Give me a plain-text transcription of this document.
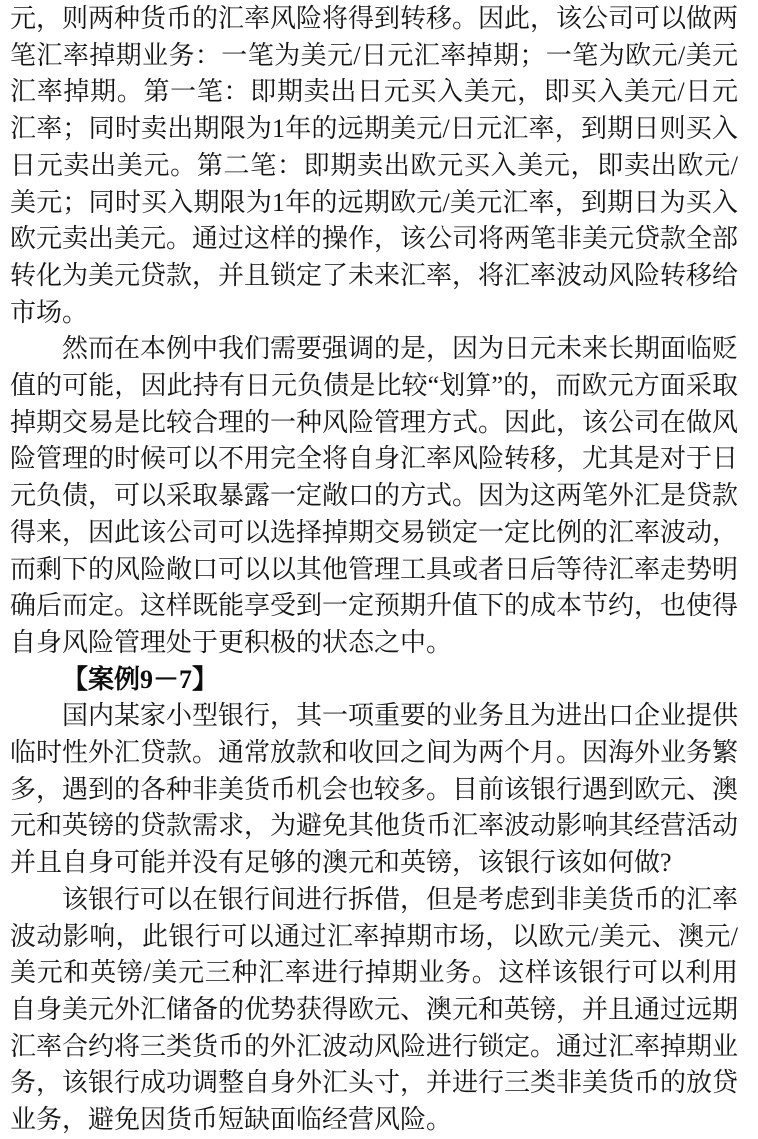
元，则两种货币的汇率风险将得到转移。因此，该公司可以做两笔汇率掉期业务：一笔为美元/日元汇率掉期；一笔为欧元/美元汇率掉期。第一笔：即期卖出日元买入美元，即买入美元/日元汇率；同时卖出期限为1年的远期美元/日元汇率，到期日则买入日元卖出美元。第二笔：即期卖出欧元买入美元，即卖出欧元/美元；同时买入期限为1年的远期欧元/美元汇率，到期日为买入欧元卖出美元。通过这样的操作，该公司将两笔非美元贷款全部转化为美元贷款，并且锁定了未来汇率，将汇率波动风险转移给市场。

然而在本例中我们需要强调的是，因为日元未来长期面临贬值的可能，因此持有日元负债是比较“划算”的，而欧元方面采取掉期交易是比较合理的一种风险管理方式。因此，该公司在做风险管理的时候可以不用完全将自身汇率风险转移，尤其是对于日元负债，可以采取暴露一定敞口的方式。因为这两笔外汇是贷款得来，因此该公司可以选择掉期交易锁定一定比例的汇率波动，而剩下的风险敞口可以以其他管理工具或者日后等待汇率走势明确后而定。这样既能享受到一定预期升值下的成本节约，也使得自身风险管理处于更积极的状态之中。

【案例9－7】

国内某家小型银行，其一项重要的业务且为进出口企业提供临时性外汇贷款。通常放款和收回之间为两个月。因海外业务繁多，遇到的各种非美货币机会也较多。目前该银行遇到欧元、澳元和英镑的贷款需求，为避免其他货币汇率波动影响其经营活动并且自身可能并没有足够的澳元和英镑，该银行该如何做?

该银行可以在银行间进行拆借，但是考虑到非美货币的汇率波动影响，此银行可以通过汇率掉期市场，以欧元/美元、澳元/美元和英镑/美元三种汇率进行掉期业务。这样该银行可以利用自身美元外汇储备的优势获得欧元、澳元和英镑，并且通过远期汇率合约将三类货币的外汇波动风险进行锁定。通过汇率掉期业务，该银行成功调整自身外汇头寸，并进行三类非美货币的放贷业务，避免因货币短缺面临经营风险。
